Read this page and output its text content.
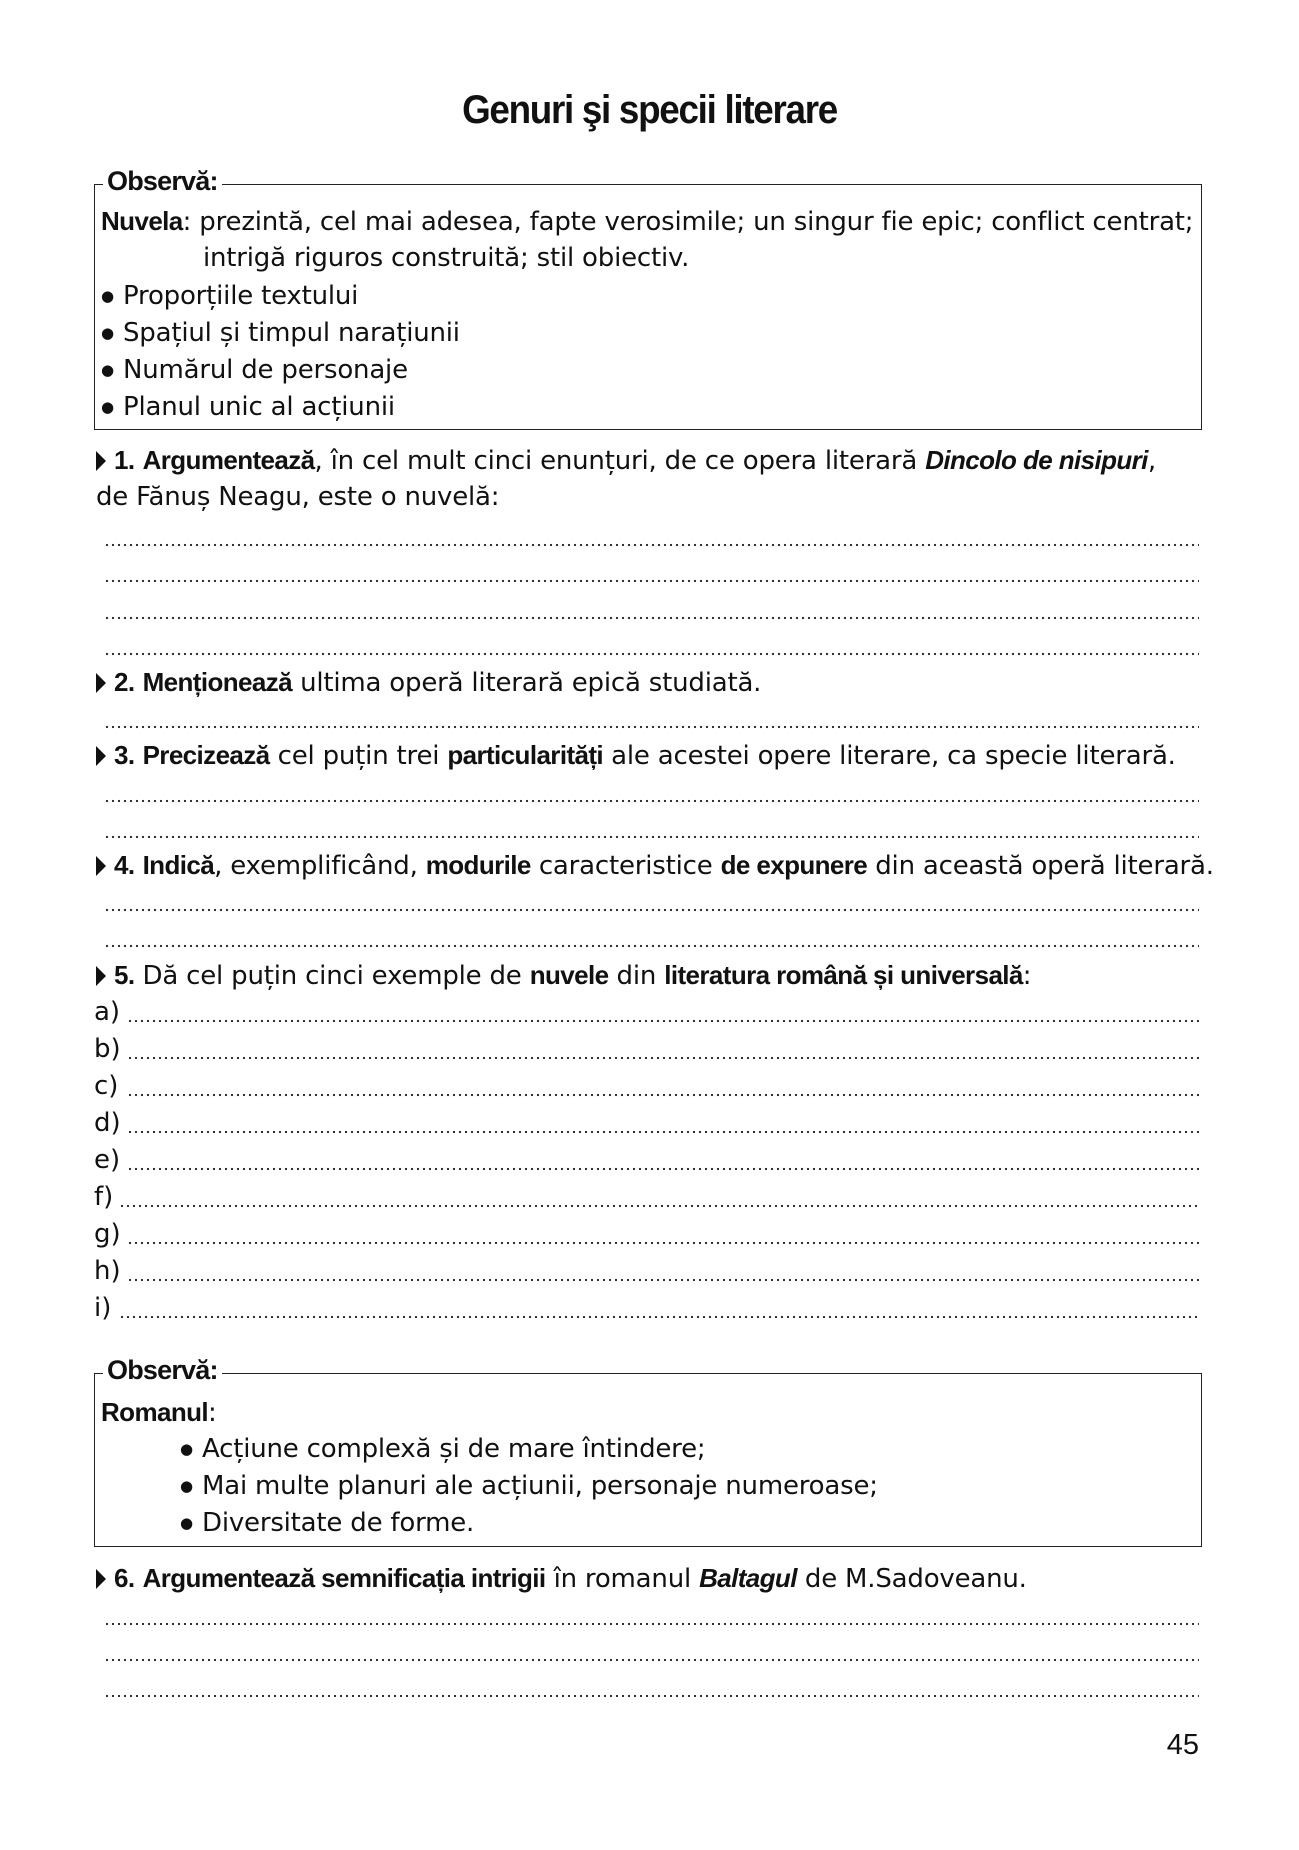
Genuri şi specii literare
Observă:
Nuvela: prezintă, cel mai adesea, fapte verosimile; un singur fie epic; conflict centrat;
intrigă riguros construită; stil obiectiv.
● Proporțiile textului
● Spațiul și timpul narațiunii
● Numărul de personaje
● Planul unic al acțiunii
1. Argumentează, în cel mult cinci enunțuri, de ce opera literară Dincolo de nisipuri,
de Fănuș Neagu, este o nuvelă:
2. Menționează ultima operă literară epică studiată.
3. Precizează cel puțin trei particularități ale acestei opere literare, ca specie literară.
4. Indică, exemplificând, modurile caracteristice de expunere din această operă literară.
5. Dă cel puțin cinci exemple de nuvele din literatura română și universală:
a)
b)
c)
d)
e)
f)
g)
h)
i)
Observă:
Romanul:
● Acțiune complexă și de mare întindere;
● Mai multe planuri ale acțiunii, personaje numeroase;
● Diversitate de forme.
6. Argumentează semnificația intrigii în romanul Baltagul de M.Sadoveanu.
45
